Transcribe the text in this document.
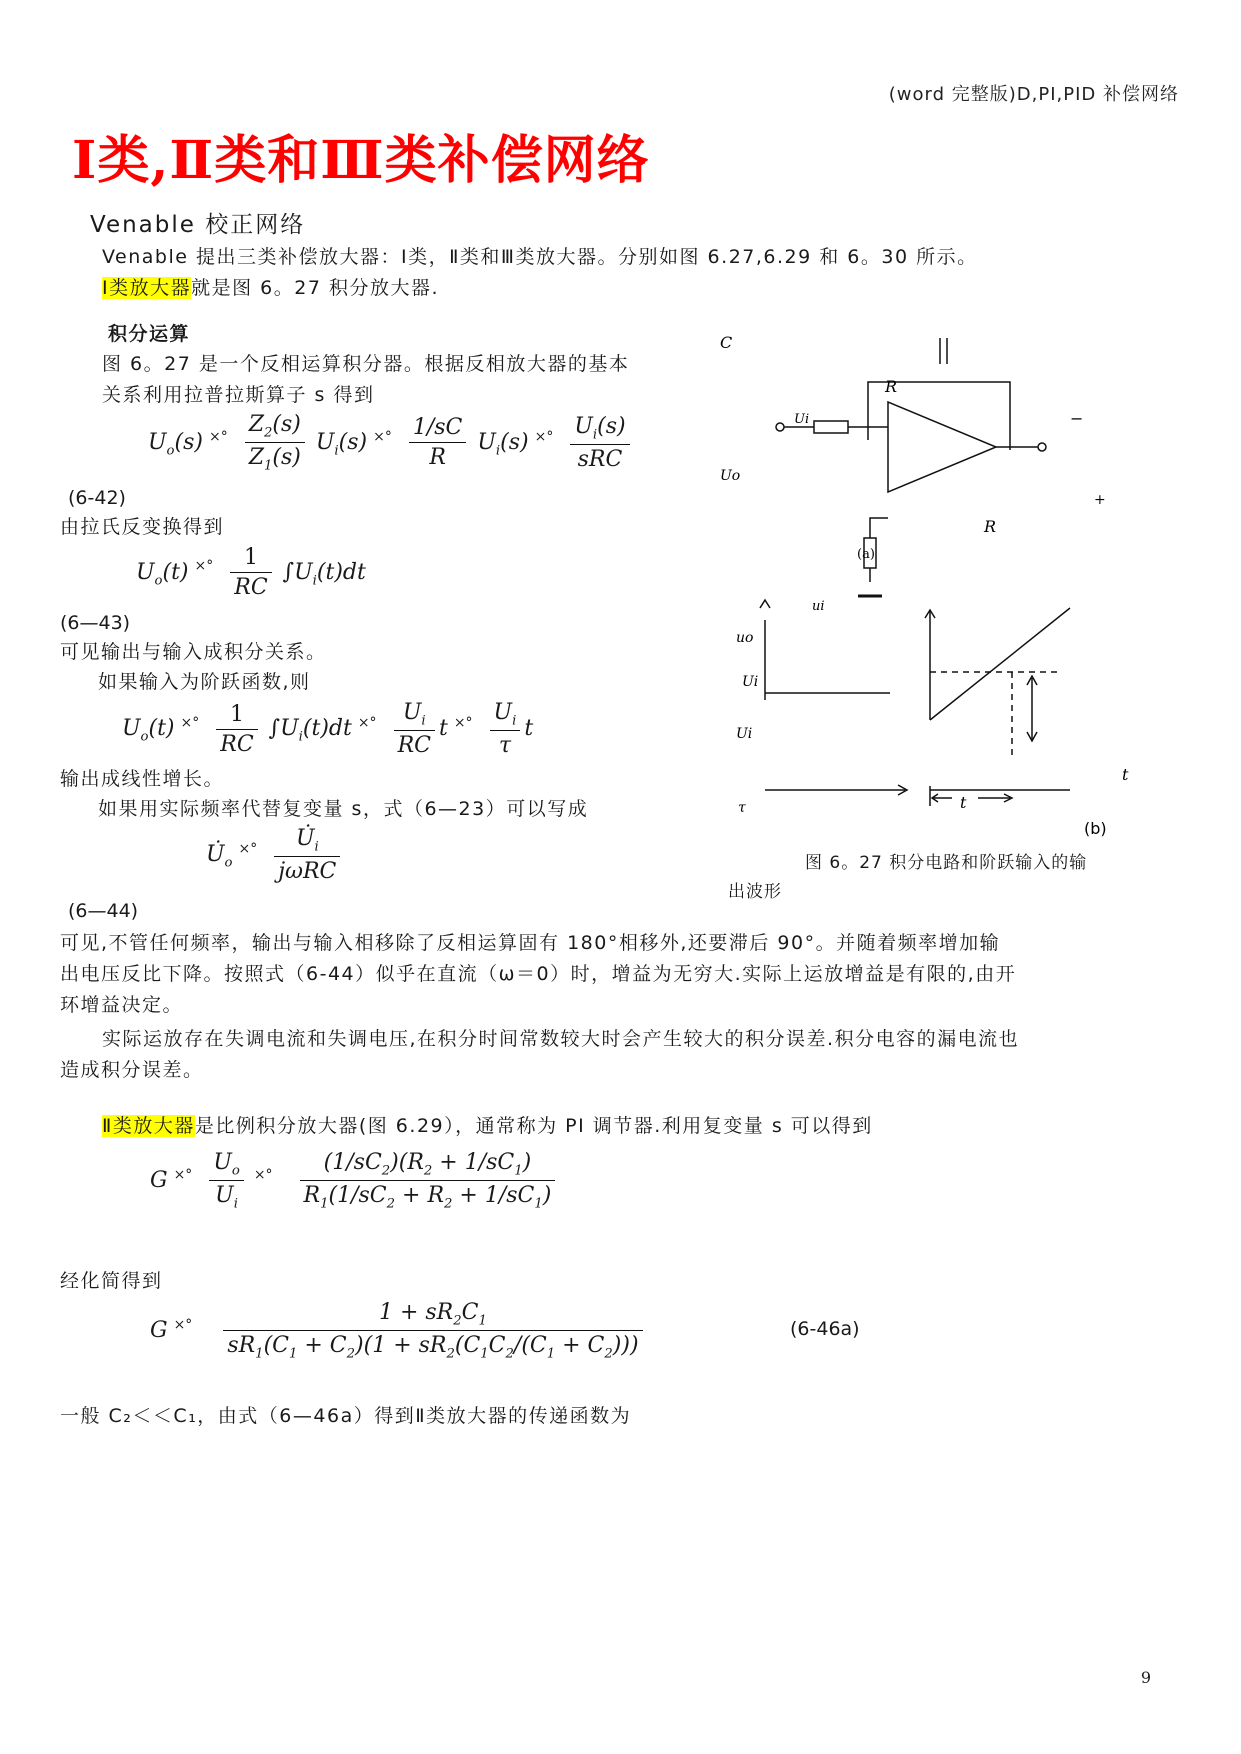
(word 完整版)D,PI,PID 补偿网络
Ⅰ类,Ⅱ类和Ⅲ类补偿网络
Venable 校正网络
Venable 提出三类补偿放大器：Ⅰ类，Ⅱ类和Ⅲ类放大器。分别如图 6.27,6.29 和 6。30 所示。
Ⅰ类放大器就是图 6。27 积分放大器.
积分运算
图 6。27 是一个反相运算积分器。根据反相放大器的基本
关系利用拉普拉斯算子 s 得到
$U_o(s)$ $^{\times^\circ} \frac{Z_2(s)}{Z_1(s)} U_i(s)$ $^{\times^\circ} \frac{1/sC}{R} U_i(s)$ $^{\times^\circ} \frac{U_i(s)}{\text{sRC}}$
(6-42)
由拉氏反变换得到
$U_o(t)$ $^{\times^\circ} \frac{1}{RC} \int U_i(t)dt$
(6—43)
可见输出与输入成积分关系。
如果输入为阶跃函数,则
$U_o(t)$ $^{\times^\circ} \frac{1}{RC} \int U_i(t)dt$ $^{\times^\circ} \frac{U_i}{RC}$ t $^{\times^\circ} \frac{U_i}{\tau}$ t
输出成线性增长。
如果用实际频率代替复变量 s，式（6—23）可以写成
$U̇_o^{\times^\circ} \frac{U̇_i}{\text{jωRC}}$
(6—44)
可见,不管任何频率，输出与输入相移除了反相运算固有 180°相移外,还要滞后 90°。并随着频率增加输
出电压反比下降。按照式（6-44）似乎在直流（ω＝0）时，增益为无穷大.实际上运放增益是有限的,由开
环增益决定。
实际运放存在失调电流和失调电压,在积分时间常数较大时会产生较大的积分误差.积分电容的漏电流也
造成积分误差。
Ⅱ类放大器是比例积分放大器(图 6.29），通常称为 PI 调节器.利用复变量 s 可以得到
G $^{\times^\circ} \frac{U_o}{U_i} ^{\times^\circ} \frac{(1/sC_2)(R_2 + 1/sC_1)}{R_1(1/sC_2 + R_2 + 1/sC_1)}$
经化简得到
G $^{\times^\circ} \frac{1 + sR_2C_1}{sR_1(C_1 + C_2)(1 + sR_2(C_1C_2/(C_1 + C_2)))}$	(6-46a)
一般 C₂＜＜C₁，由式（6—46a）得到Ⅱ类放大器的传递函数为
C
R
Ui
Uo
−
+
R
(a)
ui
uo
Ui
Ui
τ
t
t
(b)
图 6。27 积分电路和阶跃输入的输
出波形
9
